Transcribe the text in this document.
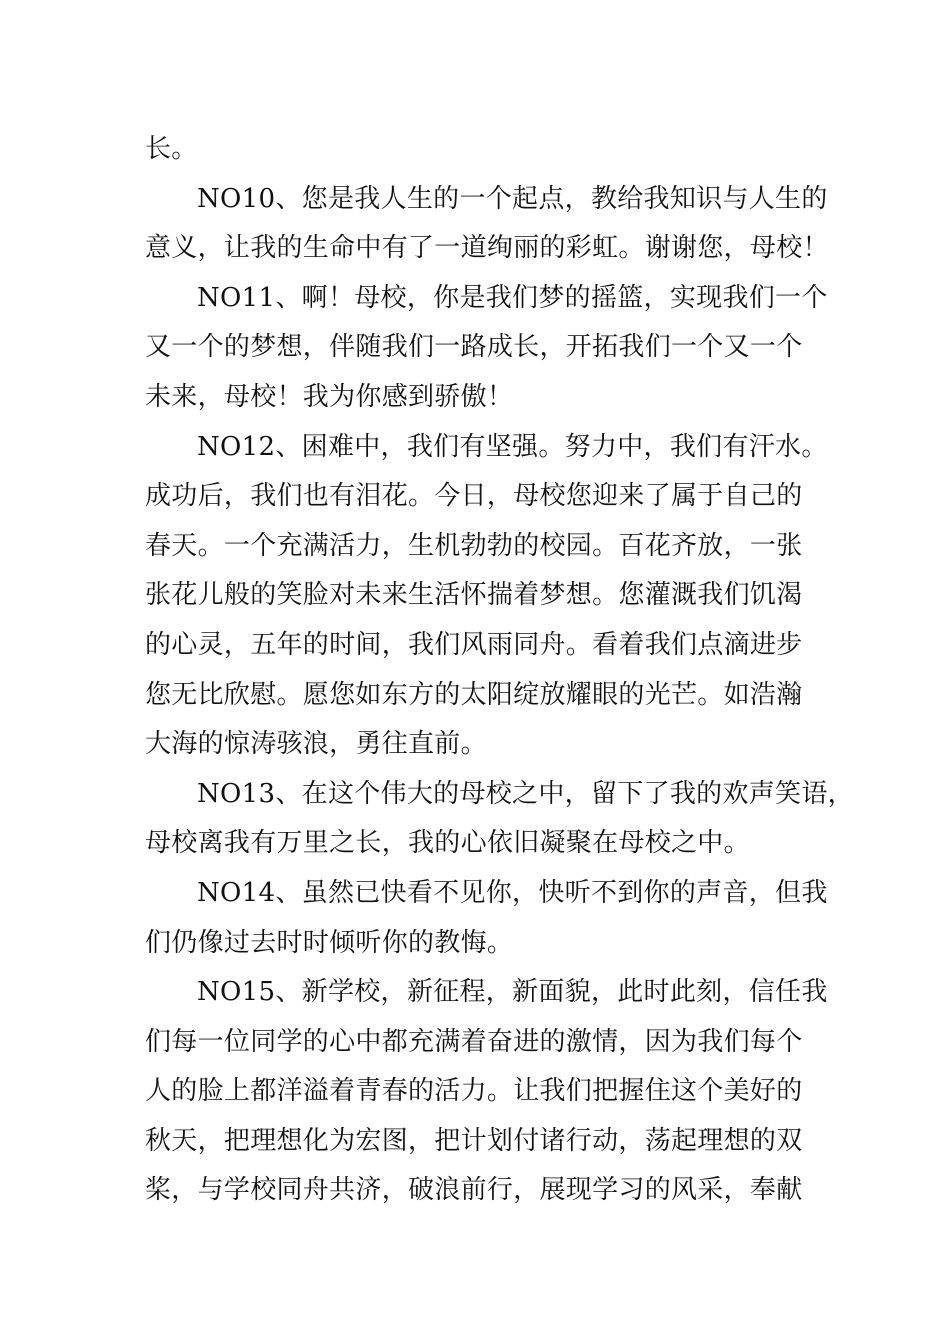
长。
NO10、您是我人生的一个起点，教给我知识与人生的
意义，让我的生命中有了一道绚丽的彩虹。谢谢您，母校！
NO11、啊！母校，你是我们梦的摇篮，实现我们一个
又一个的梦想，伴随我们一路成长，开拓我们一个又一个
未来，母校！我为你感到骄傲！
NO12、困难中，我们有坚强。努力中，我们有汗水。
成功后，我们也有泪花。今日，母校您迎来了属于自己的
春天。一个充满活力，生机勃勃的校园。百花齐放，一张
张花儿般的笑脸对未来生活怀揣着梦想。您灌溉我们饥渴
的心灵，五年的时间，我们风雨同舟。看着我们点滴进步
您无比欣慰。愿您如东方的太阳绽放耀眼的光芒。如浩瀚
大海的惊涛骇浪，勇往直前。
NO13、在这个伟大的母校之中，留下了我的欢声笑语，
母校离我有万里之长，我的心依旧凝聚在母校之中。
NO14、虽然已快看不见你，快听不到你的声音，但我
们仍像过去时时倾听你的教悔。
NO15、新学校，新征程，新面貌，此时此刻，信任我
们每一位同学的心中都充满着奋进的激情，因为我们每个
人的脸上都洋溢着青春的活力。让我们把握住这个美好的
秋天，把理想化为宏图，把计划付诸行动，荡起理想的双
桨，与学校同舟共济，破浪前行，展现学习的风采，奉献
